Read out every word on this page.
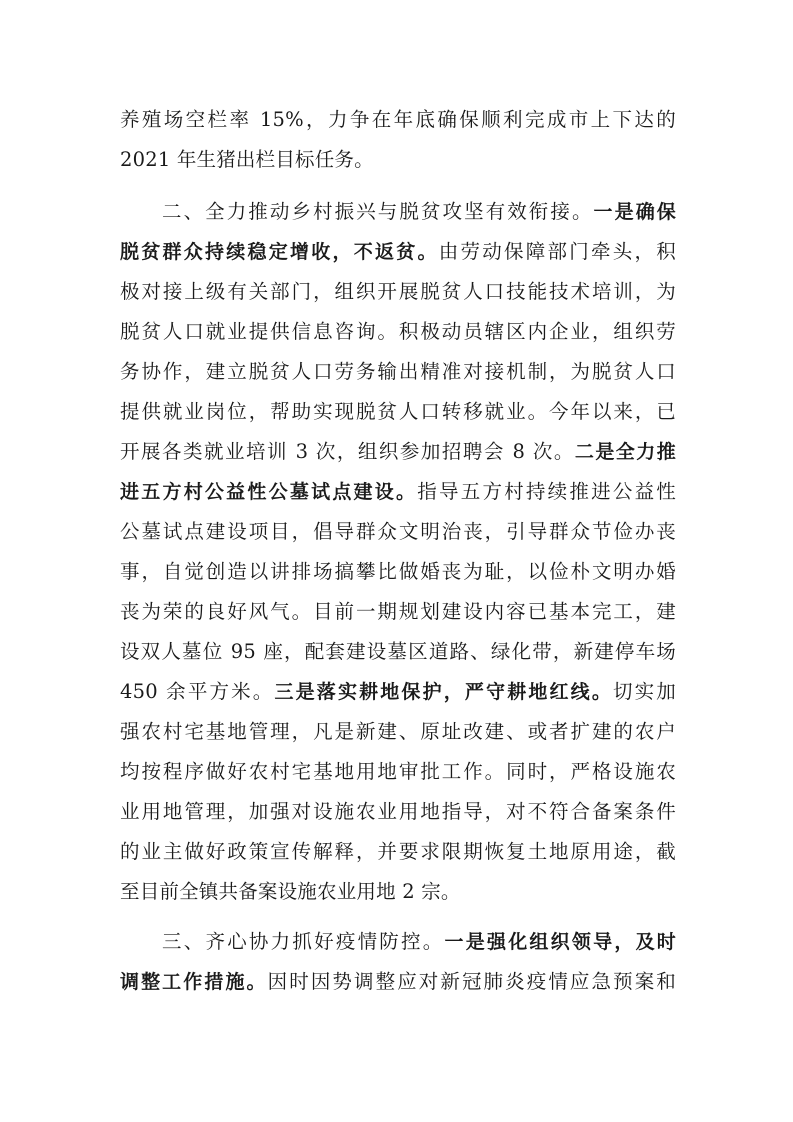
养殖场空栏率 15%，力争在年底确保顺利完成市上下达的
2021 年生猪出栏目标任务。
二、全力推动乡村振兴与脱贫攻坚有效衔接。一是确保
脱贫群众持续稳定增收，不返贫。由劳动保障部门牵头，积
极对接上级有关部门，组织开展脱贫人口技能技术培训，为
脱贫人口就业提供信息咨询。积极动员辖区内企业，组织劳
务协作，建立脱贫人口劳务输出精准对接机制，为脱贫人口
提供就业岗位，帮助实现脱贫人口转移就业。今年以来，已
开展各类就业培训 3 次，组织参加招聘会 8 次。二是全力推
进五方村公益性公墓试点建设。指导五方村持续推进公益性
公墓试点建设项目，倡导群众文明治丧，引导群众节俭办丧
事，自觉创造以讲排场搞攀比做婚丧为耻，以俭朴文明办婚
丧为荣的良好风气。目前一期规划建设内容已基本完工，建
设双人墓位 95 座，配套建设墓区道路、绿化带，新建停车场
450 余平方米。三是落实耕地保护，严守耕地红线。切实加
强农村宅基地管理，凡是新建、原址改建、或者扩建的农户
均按程序做好农村宅基地用地审批工作。同时，严格设施农
业用地管理，加强对设施农业用地指导，对不符合备案条件
的业主做好政策宣传解释，并要求限期恢复土地原用途，截
至目前全镇共备案设施农业用地 2 宗。
三、齐心协力抓好疫情防控。一是强化组织领导，及时
调整工作措施。因时因势调整应对新冠肺炎疫情应急预案和
